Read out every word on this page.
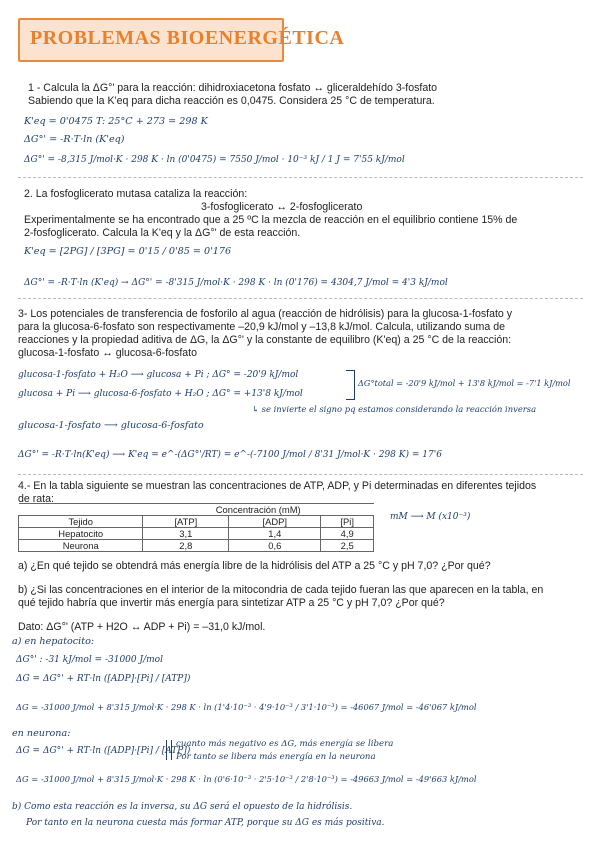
PROBLEMAS BIOENERGÉTICA
1 - Calcula la ΔG°' para la reacción: dihidroxiacetona fosfato ↔ gliceraldehído 3-fosfato
Sabiendo que la K'eq para dicha reacción es 0,0475. Considera 25 °C de temperatura.
K'eq = 0'0475 T: 25°C + 273 = 298 K
ΔG°' = -R·T·ln (K'eq)
ΔG°' = -8,315 J/mol·K · 298 K · ln (0'0475) = 7550 J/mol · 10⁻³ kJ / 1 J = 7'55 kJ/mol
2. La fosfoglicerato mutasa cataliza la reacción:
3-fosfoglicerato ↔ 2-fosfoglicerato
Experimentalmente se ha encontrado que a 25 ºC la mezcla de reacción en el equilibrio contiene 15% de
2-fosfoglicerato. Calcula la K'eq y la ΔG°' de esta reacción.
K'eq = [2PG] / [3PG] = 0'15 / 0'85 = 0'176
ΔG°' = -R·T·ln (K'eq) → ΔG°' = -8'315 J/mol·K · 298 K · ln (0'176) = 4304,7 J/mol = 4'3 kJ/mol
3- Los potenciales de transferencia de fosforilo al agua (reacción de hidrólisis) para la glucosa-1-fosfato y
para la glucosa-6-fosfato son respectivamente –20,9 kJ/mol y –13,8 kJ/mol. Calcula, utilizando suma de
reacciones y la propiedad aditiva de ΔG, la ΔG°' y la constante de equilibro (K'eq) a 25 °C de la reacción:
glucosa-1-fosfato ↔ glucosa-6-fosfato
glucosa-1-fosfato + H₂O ⟶ glucosa + Pi ; ΔG° = -20'9 kJ/mol
glucosa + Pi ⟶ glucosa-6-fosfato + H₂O ; ΔG° = +13'8 kJ/mol
ΔG°total = -20'9 kJ/mol + 13'8 kJ/mol = -7'1 kJ/mol
↳ se invierte el signo pq estamos considerando la reacción inversa
glucosa-1-fosfato ⟶ glucosa-6-fosfato
ΔG°' = -R·T·ln(K'eq) ⟶ K'eq = e^-(ΔG°'/RT) = e^-(-7100 J/mol / 8'31 J/mol·K · 298 K) = 17'6
4.- En la tabla siguiente se muestran las concentraciones de ATP, ADP, y Pi determinadas en diferentes tejidos
de rata:
	Concentración (mM)		
Tejido	[ATP]	[ADP]	[Pi]
Hepatocito	3,1	1,4	4,9
Neurona	2,8	0,6	2,5
mM ⟶ M (x10⁻³)
a) ¿En qué tejido se obtendrá más energía libre de la hidrólisis del ATP a 25 °C y pH 7,0? ¿Por qué?
b) ¿Si las concentraciones en el interior de la mitocondria de cada tejido fueran las que aparecen en la tabla, en
qué tejido habría que invertir más energía para sintetizar ATP a 25 °C y pH 7,0? ¿Por qué?
Dato: ΔG°' (ATP + H2O ↔ ADP + Pi) = –31,0 kJ/mol.
a) en hepatocito:
ΔG°' : -31 kJ/mol = -31000 J/mol
ΔG = ΔG°' + RT·ln ([ADP]·[Pi] / [ATP])
ΔG = -31000 J/mol + 8'315 J/mol·K · 298 K · ln (1'4·10⁻³ · 4'9·10⁻³ / 3'1·10⁻³) = -46067 J/mol = -46'067 kJ/mol
en neurona:
ΔG = ΔG°' + RT·ln ([ADP]·[Pi] / [ATP])
cuanto más negativo es ΔG, más energía se libera
Por tanto se libera más energía en la neurona
ΔG = -31000 J/mol + 8'315 J/mol·K · 298 K · ln (0'6·10⁻³ · 2'5·10⁻³ / 2'8·10⁻³) = -49663 J/mol = -49'663 kJ/mol
b) Como esta reacción es la inversa, su ΔG será el opuesto de la hidrólisis.
Por tanto en la neurona cuesta más formar ATP, porque su ΔG es más positiva.
